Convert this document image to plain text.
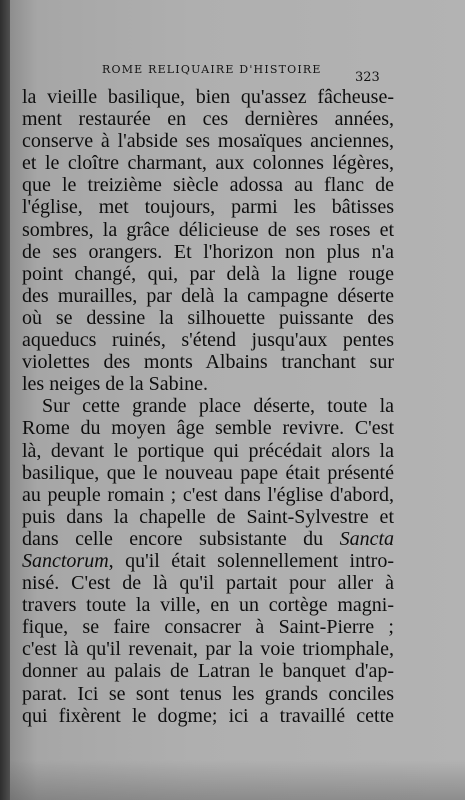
ROME RELIQUAIRE D'HISTOIRE
323
la vieille basilique, bien qu'assez fâcheuse-
ment restaurée en ces dernières années,
conserve à l'abside ses mosaïques anciennes,
et le cloître charmant, aux colonnes légères,
que le treizième siècle adossa au flanc de
l'église, met toujours, parmi les bâtisses
sombres, la grâce délicieuse de ses roses et
de ses orangers. Et l'horizon non plus n'a
point changé, qui, par delà la ligne rouge
des murailles, par delà la campagne déserte
où se dessine la silhouette puissante des
aqueducs ruinés, s'étend jusqu'aux pentes
violettes des monts Albains tranchant sur
les neiges de la Sabine.
Sur cette grande place déserte, toute la
Rome du moyen âge semble revivre. C'est
là, devant le portique qui précédait alors la
basilique, que le nouveau pape était présenté
au peuple romain ; c'est dans l'église d'abord,
puis dans la chapelle de Saint-Sylvestre et
dans celle encore subsistante du Sancta
Sanctorum, qu'il était solennellement intro-
nisé. C'est de là qu'il partait pour aller à
travers toute la ville, en un cortège magni-
fique, se faire consacrer à Saint-Pierre ;
c'est là qu'il revenait, par la voie triomphale,
donner au palais de Latran le banquet d'ap-
parat. Ici se sont tenus les grands conciles
qui fixèrent le dogme; ici a travaillé cette
